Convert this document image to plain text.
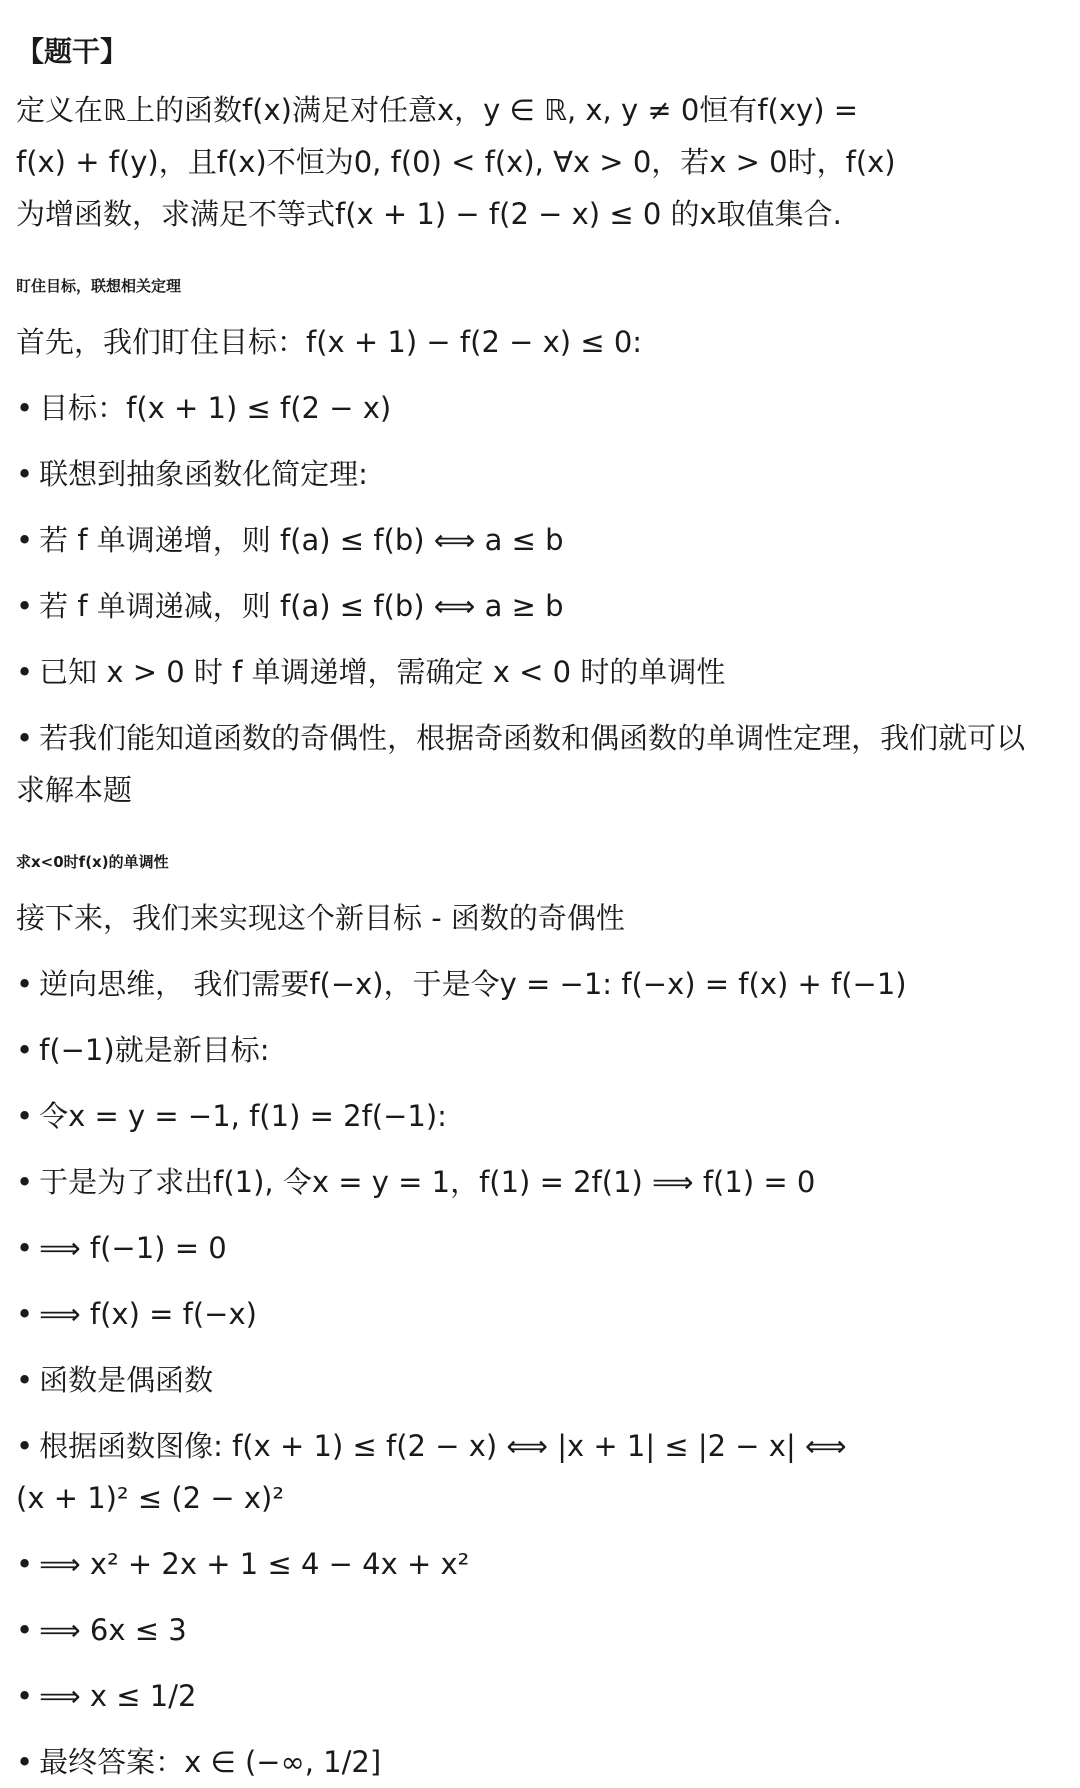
【题干】

定义在ℝ上的函数f(x)满足对任意x，y ∈ ℝ, x, y ≠ 0恒有f(xy) =

f(x) + f(y)，且f(x)不恒为0, f(0) < f(x), ∀x > 0，若x > 0时，f(x)

为增函数，求满足不等式f(x + 1) − f(2 − x) ≤ 0 的x取值集合.

盯住目标，联想相关定理

首先，我们盯住目标：f(x + 1) − f(2 − x) ≤ 0:

• 目标：f(x + 1) ≤ f(2 − x)

• 联想到抽象函数化简定理:

• 若 f 单调递增，则 f(a) ≤ f(b) ⟺ a ≤ b

• 若 f 单调递减，则 f(a) ≤ f(b) ⟺ a ≥ b

• 已知 x > 0 时 f 单调递增，需确定 x < 0 时的单调性

• 若我们能知道函数的奇偶性，根据奇函数和偶函数的单调性定理，我们就可以

求解本题

求x<0时f(x)的单调性

接下来，我们来实现这个新目标 - 函数的奇偶性

• 逆向思维， 我们需要f(−x)，于是令y = −1: f(−x) = f(x) + f(−1)

• f(−1)就是新目标:

• 令x = y = −1, f(1) = 2f(−1):

• 于是为了求出f(1), 令x = y = 1，f(1) = 2f(1) ⟹ f(1) = 0

• ⟹ f(−1) = 0

• ⟹ f(x) = f(−x)

• 函数是偶函数

• 根据函数图像: f(x + 1) ≤ f(2 − x) ⟺ |x + 1| ≤ |2 − x| ⟺

(x + 1)² ≤ (2 − x)²

• ⟹ x² + 2x + 1 ≤ 4 − 4x + x²

• ⟹ 6x ≤ 3

• ⟹ x ≤ 1/2

• 最终答案：x ∈ (−∞, 1/2]
